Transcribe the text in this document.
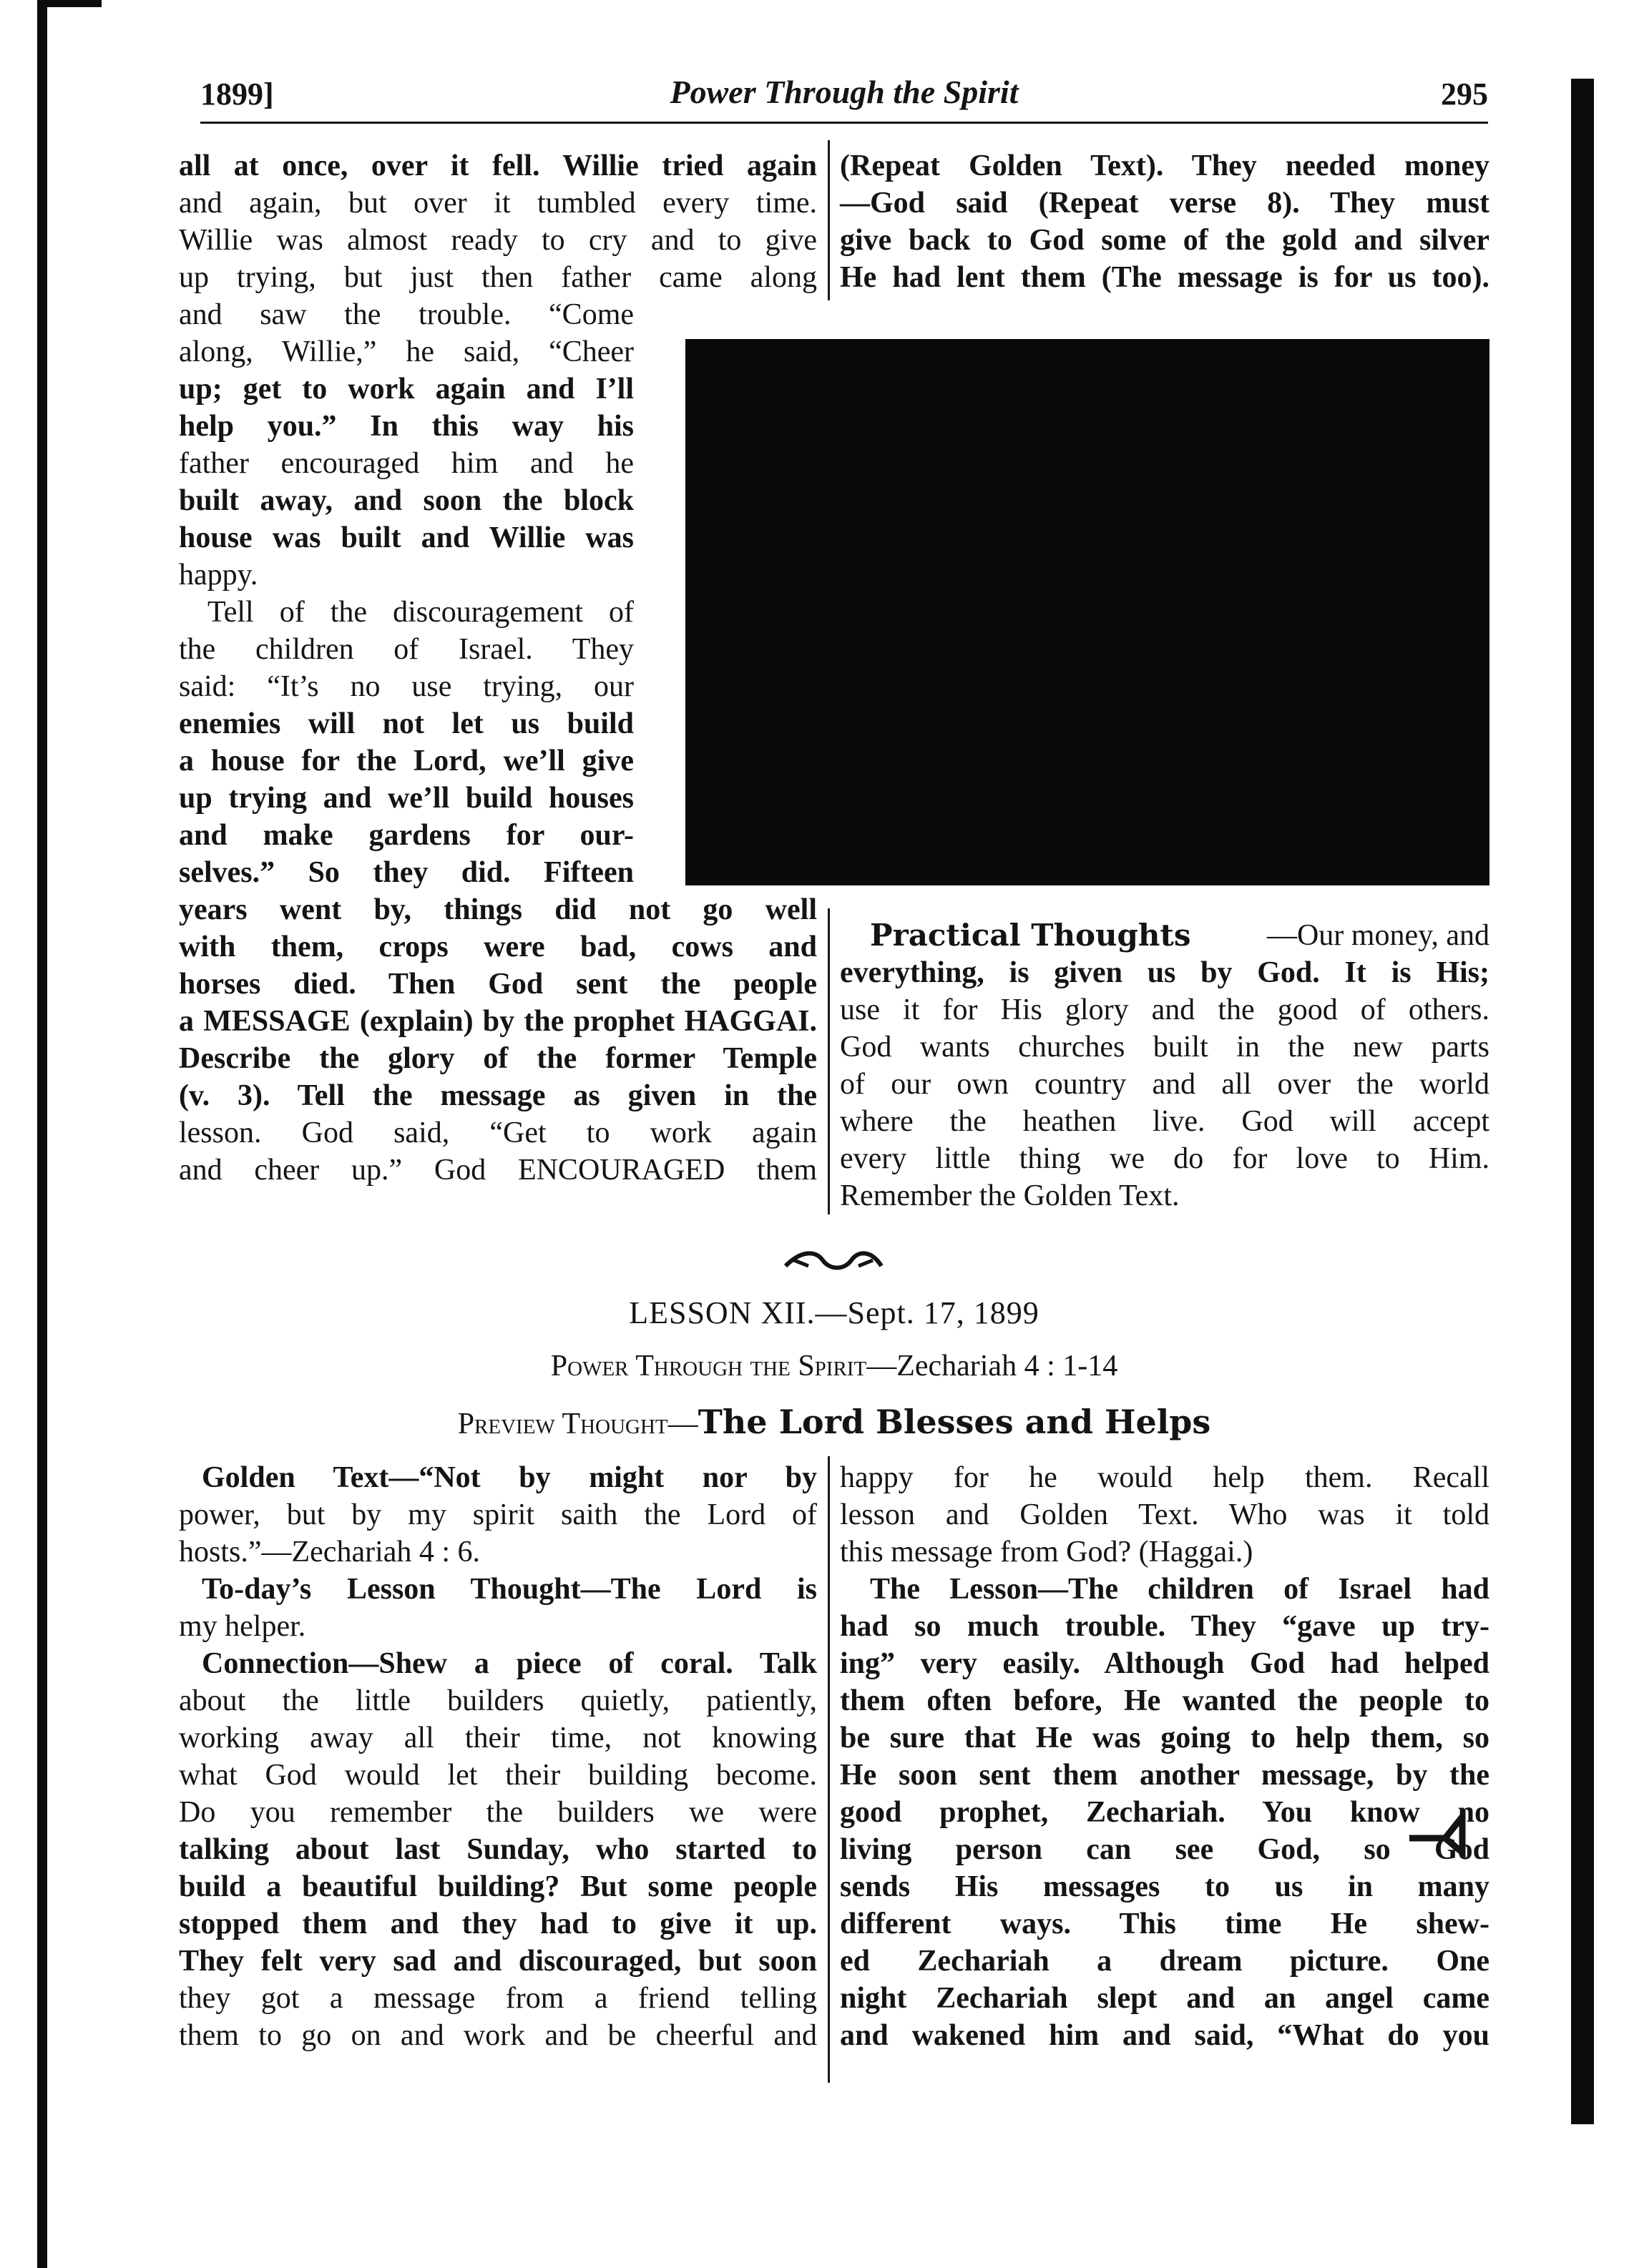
1899]	Power Through the Spirit	295
all at once, over it fell. Willie tried again
and again, but over it tumbled every time.
Willie was almost ready to cry and to give
up trying, but just then father came along
and saw the trouble. “Come
along, Willie,” he said, “Cheer
up; get to work again and I’ll
help you.” In this way his
father encouraged him and he
built away, and soon the block
house was built and Willie was
happy.
Tell of the discouragement of
the children of Israel. They
said: “It’s no use trying, our
enemies will not let us build
a house for the Lord, we’ll give
up trying and we’ll build houses
and make gardens for our-
selves.” So they did. Fifteen
years went by, things did not go well
with them, crops were bad, cows and
horses died. Then God sent the people
a MESSAGE (explain) by the prophet HAGGAI.
Describe the glory of the former Temple
(v. 3). Tell the message as given in the
lesson. God said, “Get to work again
and cheer up.” God ENCOURAGED them
(Repeat Golden Text). They needed money
—God said (Repeat verse 8). They must
give back to God some of the gold and silver
He had lent them (The message is for us too).
Practical Thoughts	—Our money, and
everything, is given us by God. It is His;
use it for His glory and the good of others.
God wants churches built in the new parts
of our own country and all over the world
where the heathen live. God will accept
every little thing we do for love to Him.
Remember the Golden Text.
LESSON XII.—Sept. 17, 1899
Power Through the Spirit—Zechariah 4 : 1-14
Preview Thought—The Lord Blesses and Helps
Golden Text—“Not by might nor by
power, but by my spirit saith the Lord of
hosts.”—Zechariah 4 : 6.
To-day’s Lesson Thought—The Lord is
my helper.
Connection—Shew a piece of coral. Talk
about the little builders quietly, patiently,
working away all their time, not knowing
what God would let their building become.
Do you remember the builders we were
talking about last Sunday, who started to
build a beautiful building? But some people
stopped them and they had to give it up.
They felt very sad and discouraged, but soon
they got a message from a friend telling
them to go on and work and be cheerful and
happy for he would help them. Recall
lesson and Golden Text. Who was it told
this message from God? (Haggai.)
The Lesson—The children of Israel had
had so much trouble. They “gave up try-
ing” very easily. Although God had helped
them often before, He wanted the people to
be sure that He was going to help them, so
He soon sent them another message, by the
good prophet, Zechariah. You know no
living person can see God, so God
sends His messages to us in many
different ways. This time He shew-
ed Zechariah a dream picture. One
night Zechariah slept and an angel came
and wakened him and said, “What do you
